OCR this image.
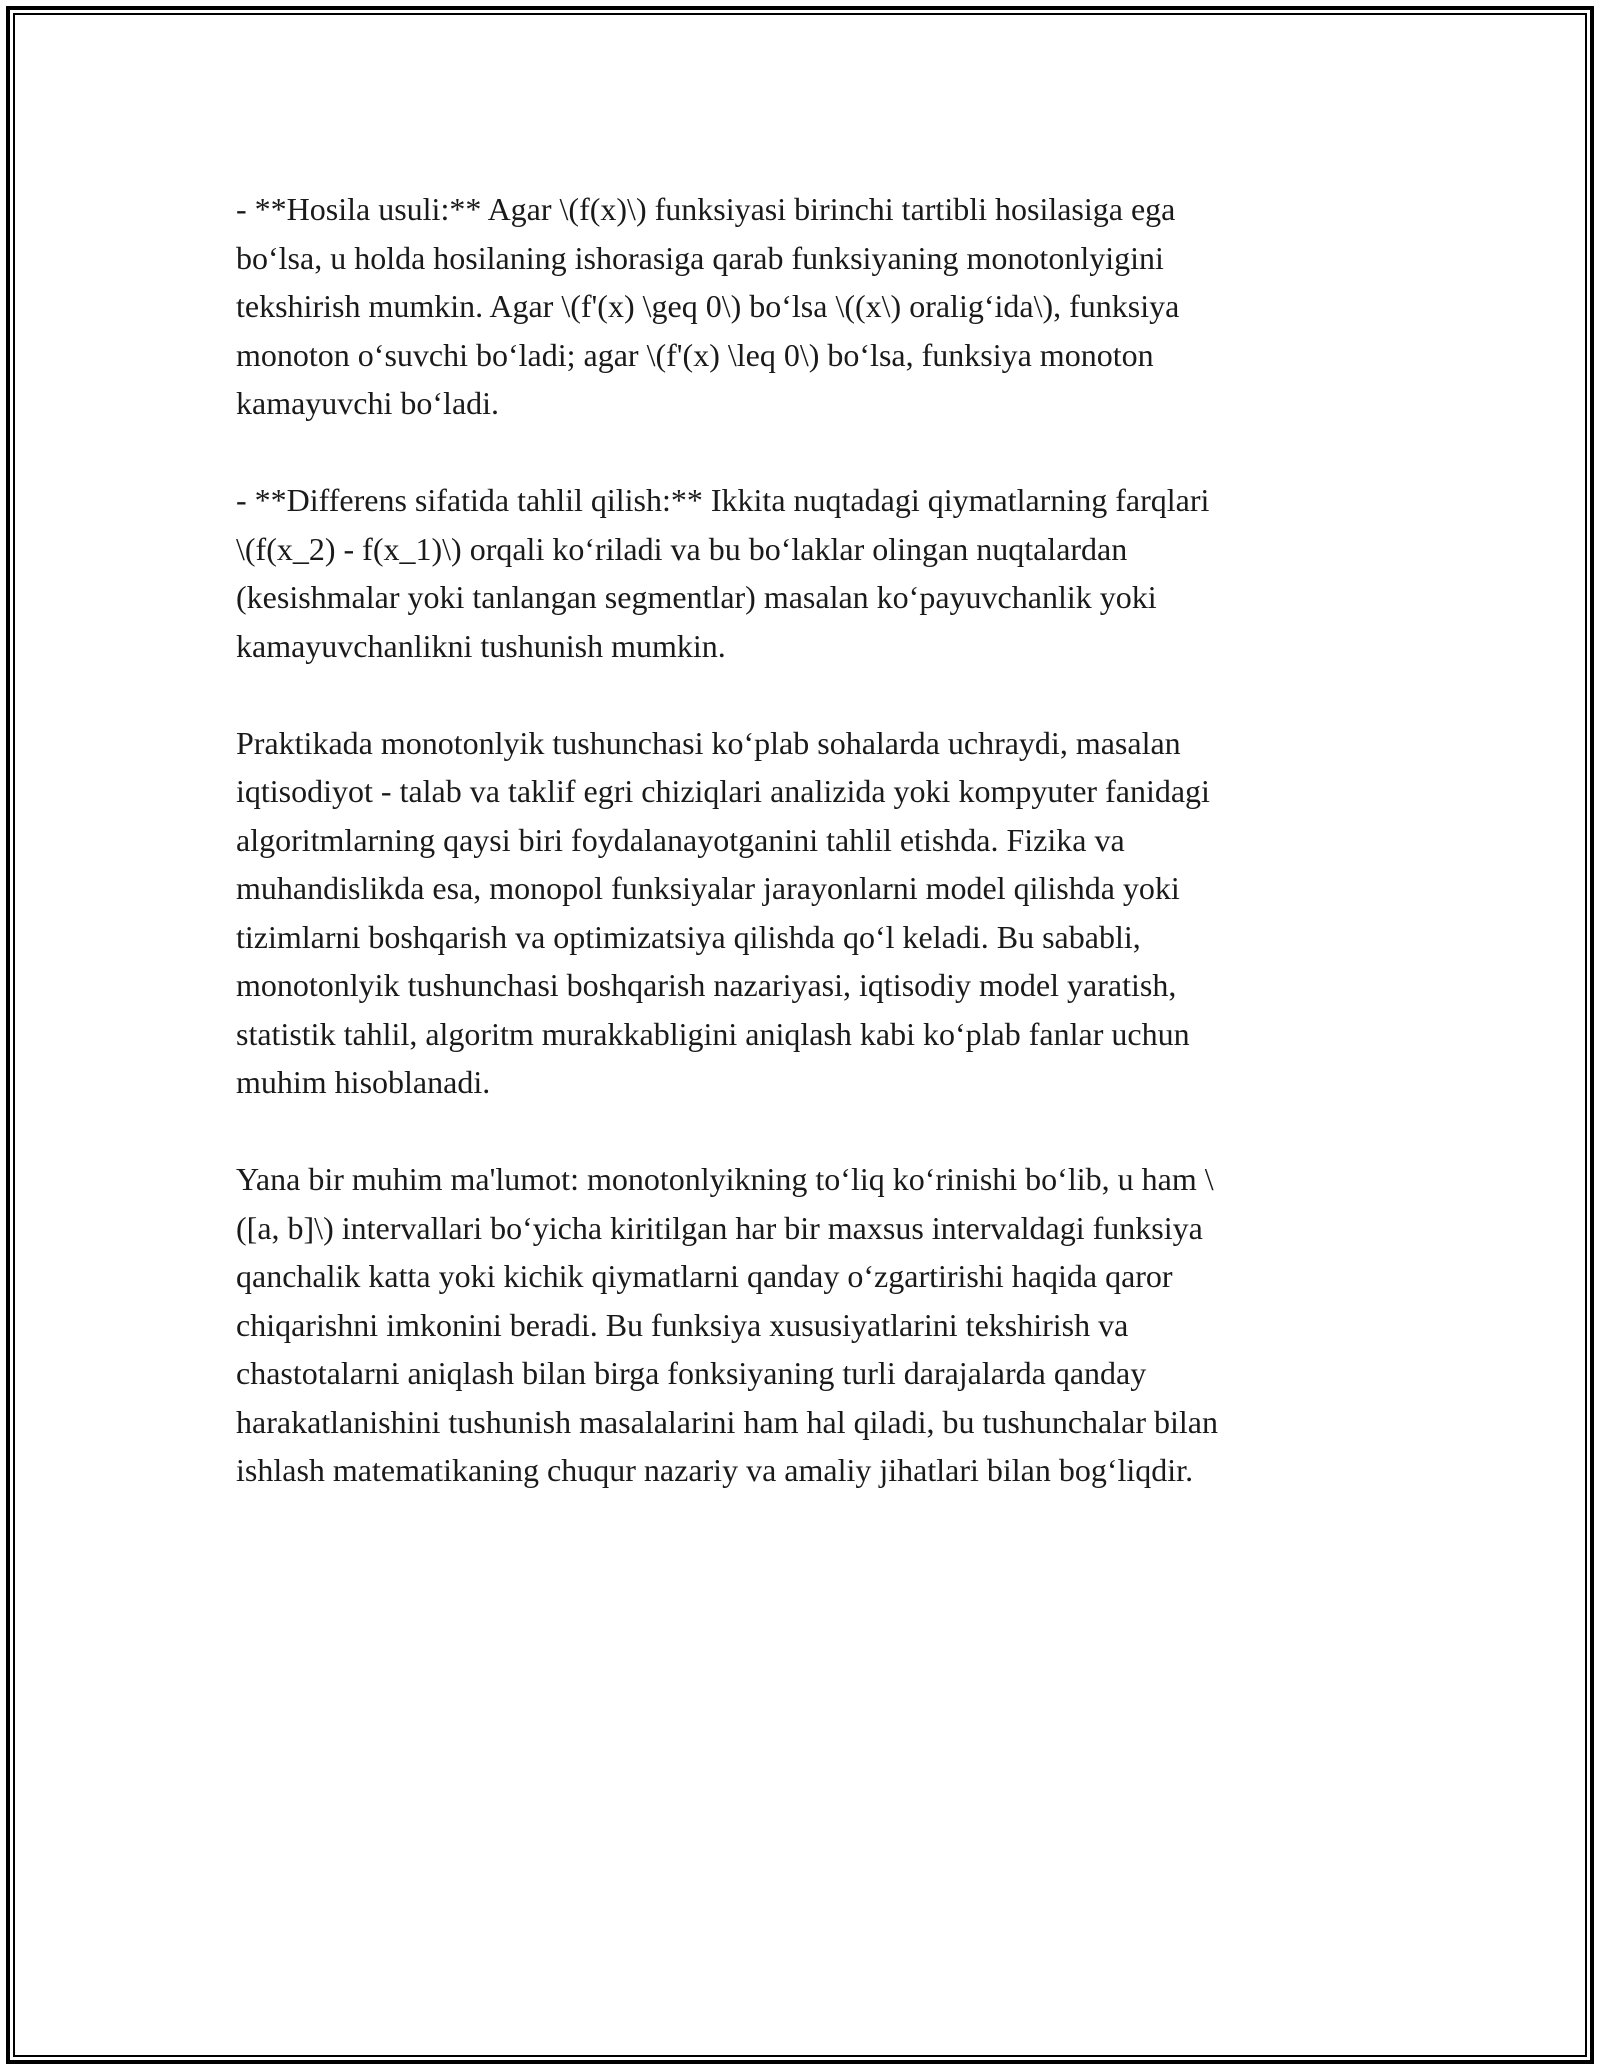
- **Hosila usuli:** Agar \(f(x)\) funksiyasi birinchi tartibli hosilasiga ega
bo‘lsa, u holda hosilaning ishorasiga qarab funksiyaning monotonlyigini
tekshirish mumkin. Agar \(f'(x) \geq 0\) bo‘lsa \((x\) oralig‘ida\), funksiya
monoton o‘suvchi bo‘ladi; agar \(f'(x) \leq 0\) bo‘lsa, funksiya monoton
kamayuvchi bo‘ladi.

- **Differens sifatida tahlil qilish:** Ikkita nuqtadagi qiymatlarning farqlari
\(f(x_2) - f(x_1)\) orqali ko‘riladi va bu bo‘laklar olingan nuqtalardan
(kesishmalar yoki tanlangan segmentlar) masalan ko‘payuvchanlik yoki
kamayuvchanlikni tushunish mumkin.

Praktikada monotonlyik tushunchasi ko‘plab sohalarda uchraydi, masalan
iqtisodiyot - talab va taklif egri chiziqlari analizida yoki kompyuter fanidagi
algoritmlarning qaysi biri foydalanayotganini tahlil etishda. Fizika va
muhandislikda esa, monopol funksiyalar jarayonlarni model qilishda yoki
tizimlarni boshqarish va optimizatsiya qilishda qo‘l keladi. Bu sababli,
monotonlyik tushunchasi boshqarish nazariyasi, iqtisodiy model yaratish,
statistik tahlil, algoritm murakkabligini aniqlash kabi ko‘plab fanlar uchun
muhim hisoblanadi.

Yana bir muhim ma'lumot: monotonlyikning to‘liq ko‘rinishi bo‘lib, u ham \
([a, b]\) intervallari bo‘yicha kiritilgan har bir maxsus intervaldagi funksiya
qanchalik katta yoki kichik qiymatlarni qanday o‘zgartirishi haqida qaror
chiqarishni imkonini beradi. Bu funksiya xususiyatlarini tekshirish va
chastotalarni aniqlash bilan birga fonksiyaning turli darajalarda qanday
harakatlanishini tushunish masalalarini ham hal qiladi, bu tushunchalar bilan
ishlash matematikaning chuqur nazariy va amaliy jihatlari bilan bog‘liqdir.
